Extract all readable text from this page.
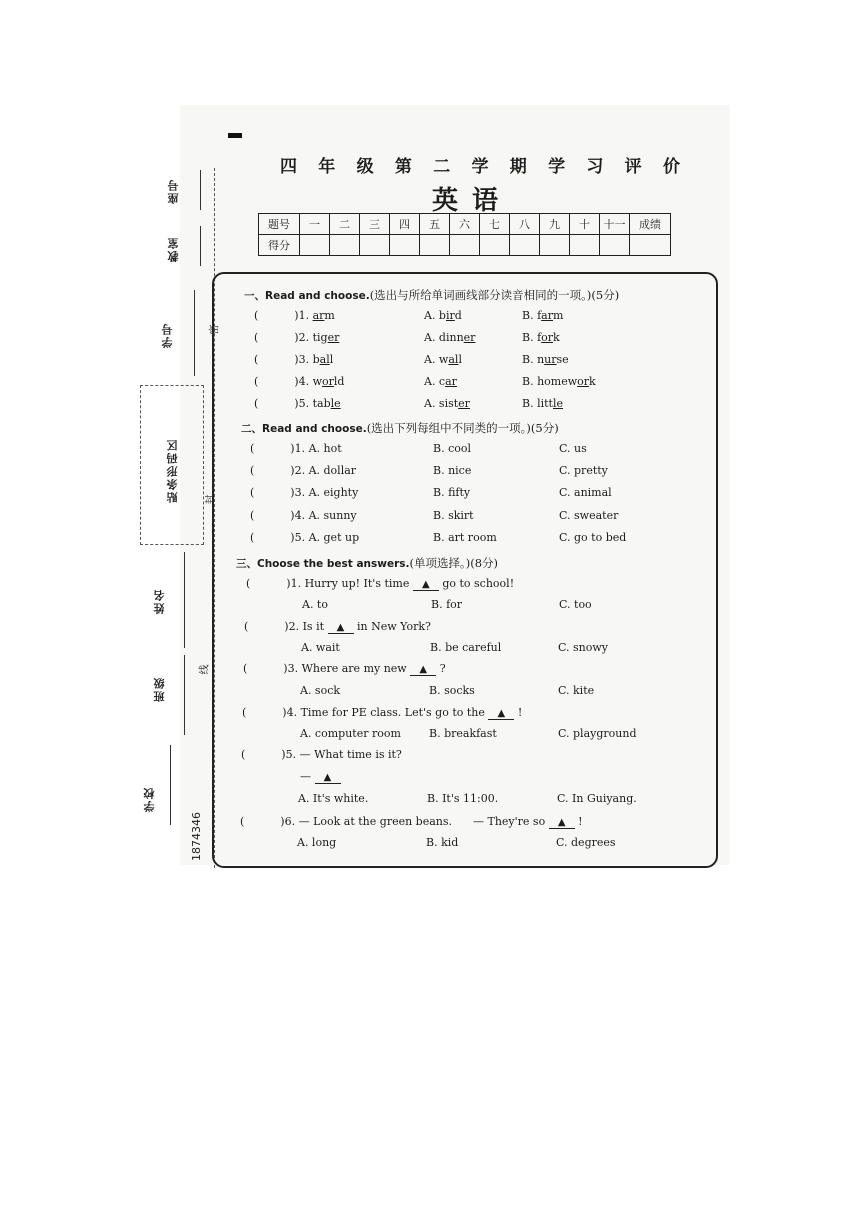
座号
教室
学号
贴条形码区
姓名
班级
学校
密
封
线
1874346
四 年 级 第 二 学 期 学 习 评 价
英语
题号	一	二	三	四	五	六	七	八	九	十	十一	成绩
得分												
一、Read and choose.(选出与所给单词画线部分读音相同的一项。)(5分)
(	)1. arm	A. bird	B. farm
(	)2. tiger	A. dinner	B. fork
(	)3. ball	A. wall	B. nurse
(	)4. world	A. car	B. homework
(	)5. table	A. sister	B. little
二、Read and choose.(选出下列每组中不同类的一项。)(5分)
(	)1. A. hot	B. cool	C. us
(	)2. A. dollar	B. nice	C. pretty
(	)3. A. eighty	B. fifty	C. animal
(	)4. A. sunny	B. skirt	C. sweater
(	)5. A. get up	B. art room	C. go to bed
三、Choose the best answers.(单项选择。)(8分)
(	)1. Hurry up! It's time ▲ go to school!
A. to	B. for	C. too
(	)2. Is it ▲ in New York?
A. wait	B. be careful	C. snowy
(	)3. Where are my new ▲ ?
A. sock	B. socks	C. kite
(	)4. Time for PE class. Let's go to the ▲ !
A. computer room	B. breakfast	C. playground
(	)5. — What time is it?
— ▲
A. It's white.	B. It's 11:00.	C. In Guiyang.
(	)6. — Look at the green beans.      — They're so ▲ !
A. long	B. kid	C. degrees
